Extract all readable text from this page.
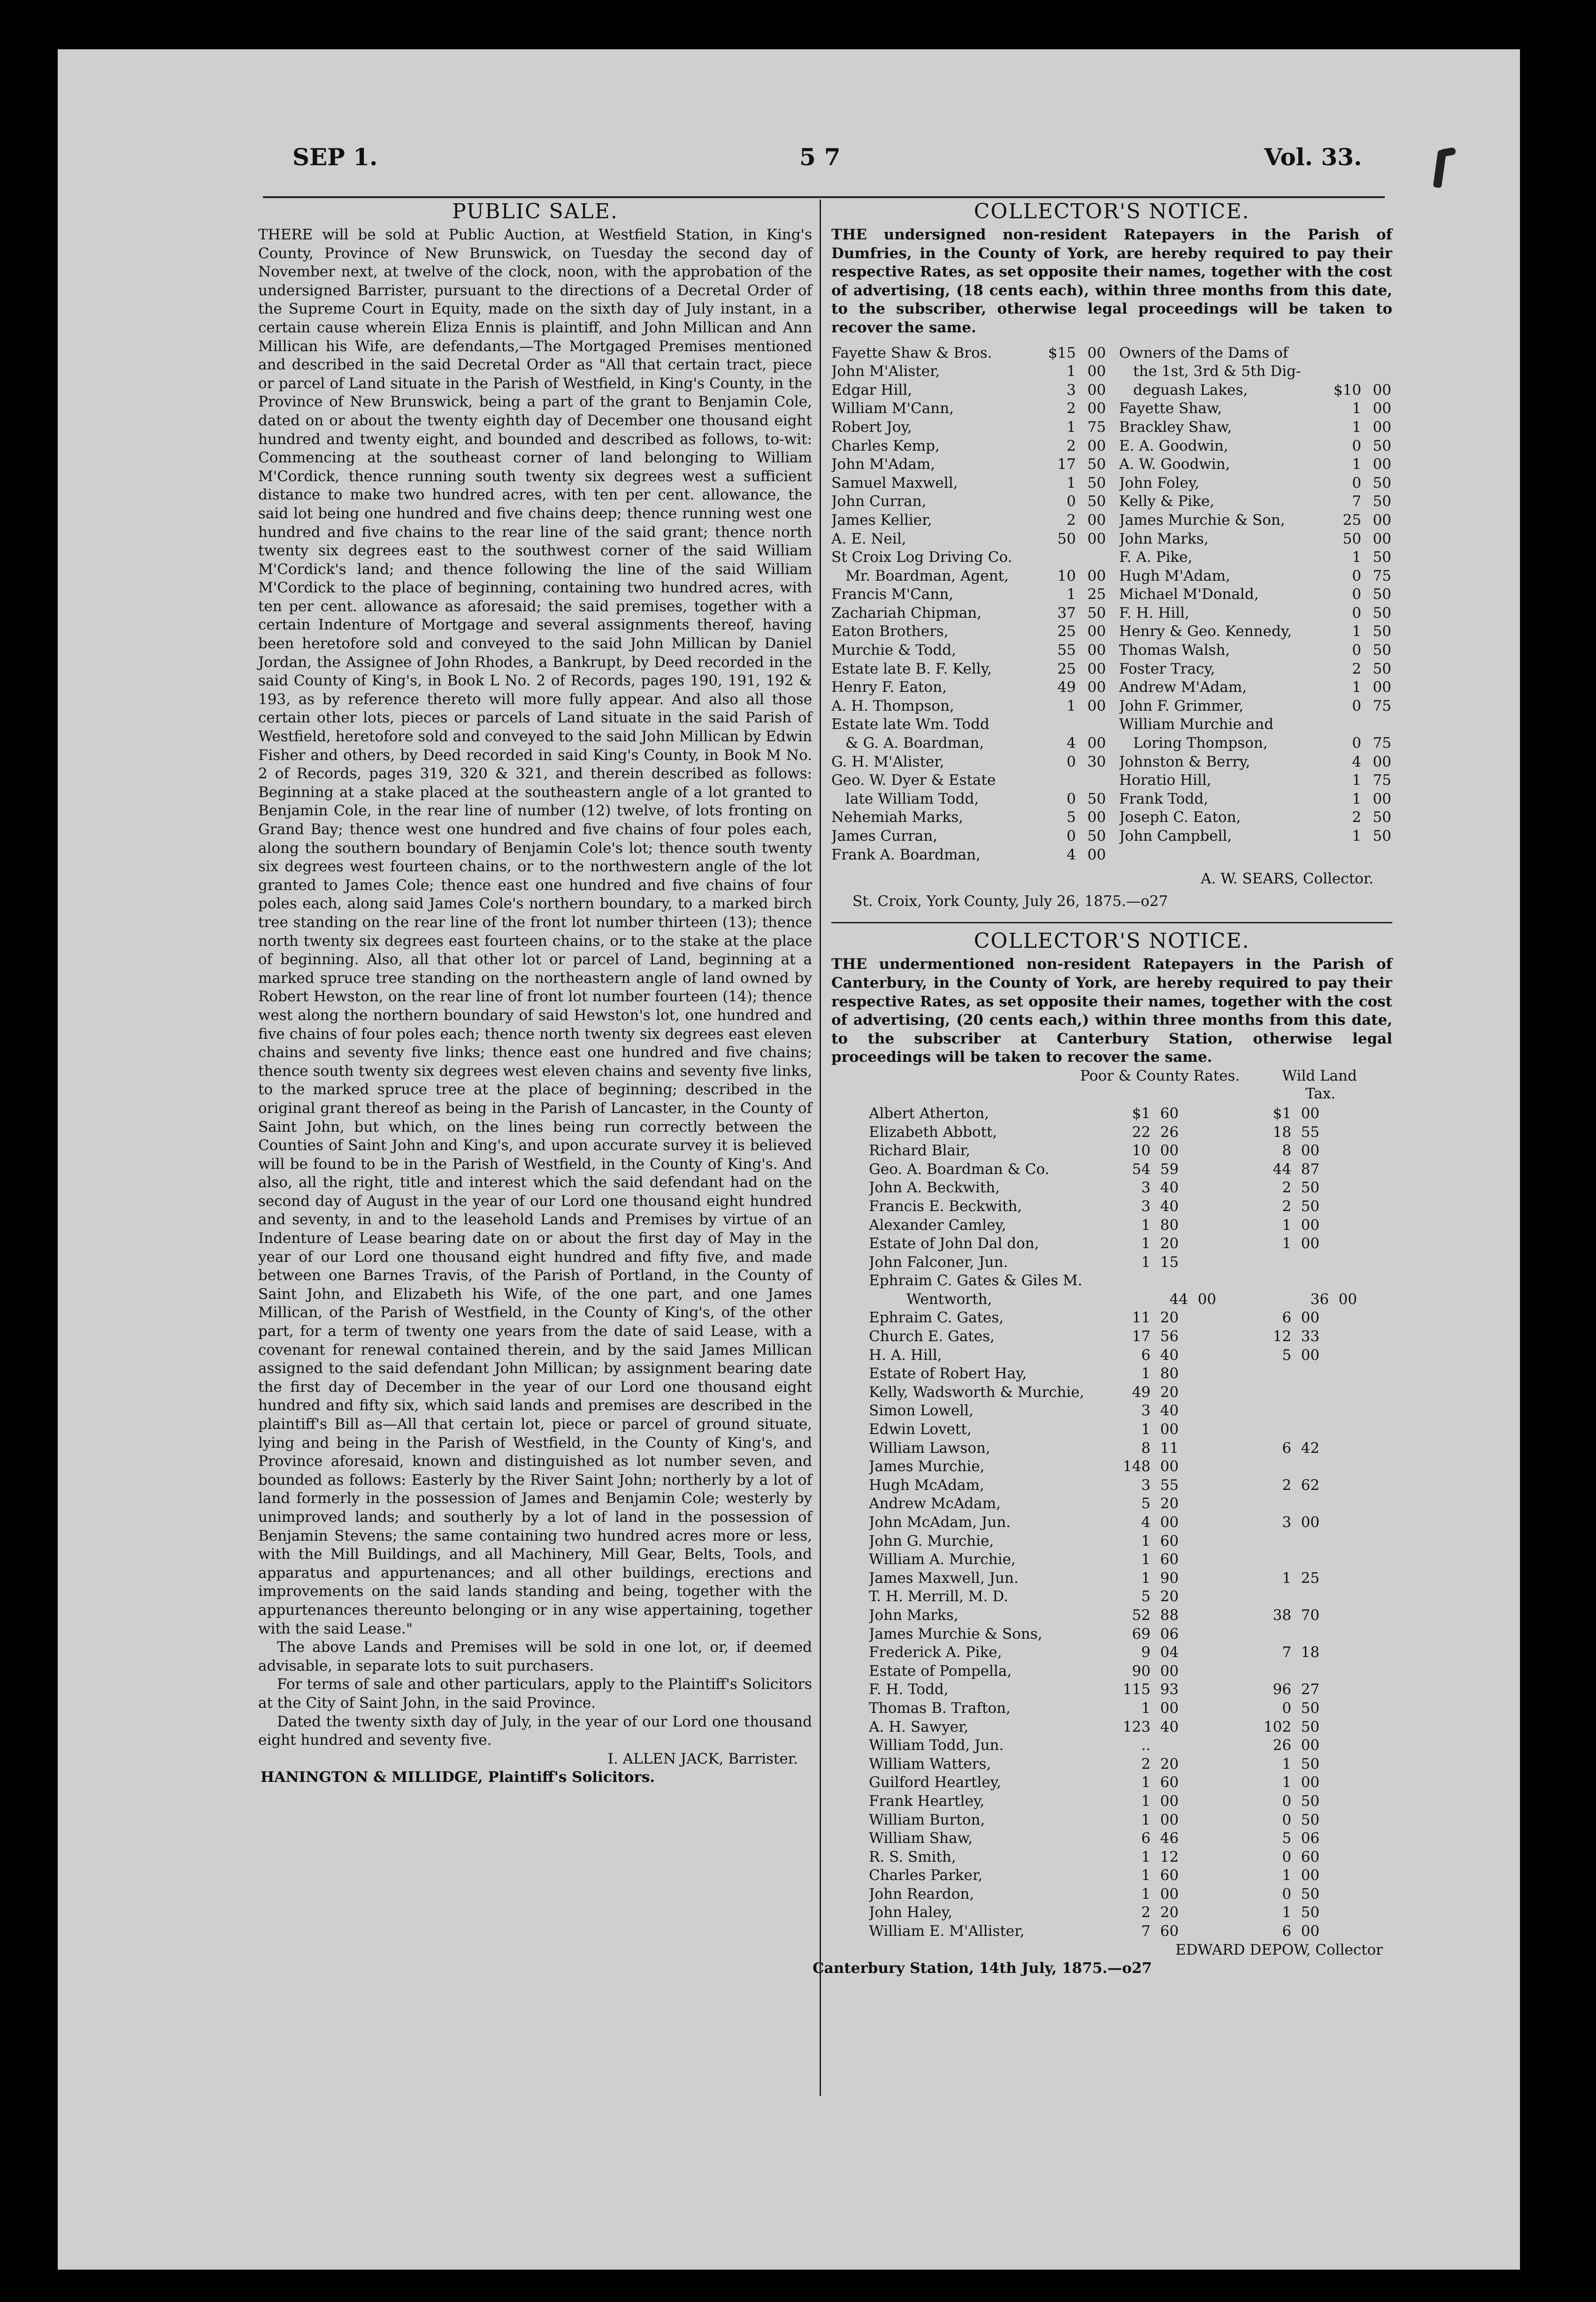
SEP 1.	5 7	Vol. 33.
PUBLIC SALE.

THERE will be sold at Public Auction, at Westfield Station, in King's County, Province of New Brunswick, on Tuesday the second day of November next, at twelve of the clock, noon, with the approbation of the undersigned Barrister, pursuant to the directions of a Decretal Order of the Supreme Court in Equity, made on the sixth day of July instant, in a certain cause wherein Eliza Ennis is plaintiff, and John Millican and Ann Millican his Wife, are defendants,—The Mortgaged Premises mentioned and described in the said Decretal Order as "All that certain tract, piece or parcel of Land situate in the Parish of Westfield, in King's County, in the Province of New Brunswick, being a part of the grant to Benjamin Cole, dated on or about the twenty eighth day of December one thousand eight hundred and twenty eight, and bounded and described as follows, to-wit: Commencing at the southeast corner of land belonging to William M'Cordick, thence running south twenty six degrees west a sufficient distance to make two hundred acres, with ten per cent. allowance, the said lot being one hundred and five chains deep; thence running west one hundred and five chains to the rear line of the said grant; thence north twenty six degrees east to the southwest corner of the said William M'Cordick's land; and thence following the line of the said William M'Cordick to the place of beginning, containing two hundred acres, with ten per cent. allowance as aforesaid; the said premises, together with a certain Indenture of Mortgage and several assignments thereof, having been heretofore sold and conveyed to the said John Millican by Daniel Jordan, the Assignee of John Rhodes, a Bankrupt, by Deed recorded in the said County of King's, in Book L No. 2 of Records, pages 190, 191, 192 & 193, as by reference thereto will more fully appear. And also all those certain other lots, pieces or parcels of Land situate in the said Parish of Westfield, heretofore sold and conveyed to the said John Millican by Edwin Fisher and others, by Deed recorded in said King's County, in Book M No. 2 of Records, pages 319, 320 & 321, and therein described as follows: Beginning at a stake placed at the southeastern angle of a lot granted to Benjamin Cole, in the rear line of number (12) twelve, of lots fronting on Grand Bay; thence west one hundred and five chains of four poles each, along the southern boundary of Benjamin Cole's lot; thence south twenty six degrees west fourteen chains, or to the northwestern angle of the lot granted to James Cole; thence east one hundred and five chains of four poles each, along said James Cole's northern boundary, to a marked birch tree standing on the rear line of the front lot number thirteen (13); thence north twenty six degrees east fourteen chains, or to the stake at the place of beginning. Also, all that other lot or parcel of Land, beginning at a marked spruce tree standing on the northeastern angle of land owned by Robert Hewston, on the rear line of front lot number fourteen (14); thence west along the northern boundary of said Hewston's lot, one hundred and five chains of four poles each; thence north twenty six degrees east eleven chains and seventy five links; thence east one hundred and five chains; thence south twenty six degrees west eleven chains and seventy five links, to the marked spruce tree at the place of beginning; described in the original grant thereof as being in the Parish of Lancaster, in the County of Saint John, but which, on the lines being run correctly between the Counties of Saint John and King's, and upon accurate survey it is believed will be found to be in the Parish of Westfield, in the County of King's. And also, all the right, title and interest which the said defendant had on the second day of August in the year of our Lord one thousand eight hundred and seventy, in and to the leasehold Lands and Premises by virtue of an Indenture of Lease bearing date on or about the first day of May in the year of our Lord one thousand eight hundred and fifty five, and made between one Barnes Travis, of the Parish of Portland, in the County of Saint John, and Elizabeth his Wife, of the one part, and one James Millican, of the Parish of Westfield, in the County of King's, of the other part, for a term of twenty one years from the date of said Lease, with a covenant for renewal contained therein, and by the said James Millican assigned to the said defendant John Millican; by assignment bearing date the first day of December in the year of our Lord one thousand eight hundred and fifty six, which said lands and premises are described in the plaintiff's Bill as—All that certain lot, piece or parcel of ground situate, lying and being in the Parish of Westfield, in the County of King's, and Province aforesaid, known and distinguished as lot number seven, and bounded as follows: Easterly by the River Saint John; northerly by a lot of land formerly in the possession of James and Benjamin Cole; westerly by unimproved lands; and southerly by a lot of land in the possession of Benjamin Stevens; the same containing two hundred acres more or less, with the Mill Buildings, and all Machinery, Mill Gear, Belts, Tools, and apparatus and appurtenances; and all other buildings, erections and improvements on the said lands standing and being, together with the appurtenances thereunto belonging or in any wise appertaining, together with the said Lease."

The above Lands and Premises will be sold in one lot, or, if deemed advisable, in separate lots to suit purchasers.

For terms of sale and other particulars, apply to the Plaintiff's Solicitors at the City of Saint John, in the said Province.

Dated the twenty sixth day of July, in the year of our Lord one thousand eight hundred and seventy five.

I. ALLEN JACK, Barrister.

HANINGTON & MILLIDGE, Plaintiff's Solicitors.

COLLECTOR'S NOTICE.

THE undersigned non-resident Ratepayers in the Parish of Dumfries, in the County of York, are hereby required to pay their respective Rates, as set opposite their names, together with the cost of advertising, (18 cents each), within three months from this date, to the subscriber, otherwise legal proceedings will be taken to recover the same.

Fayette Shaw & Bros.	$15 00
John M'Alister,	1 00
Edgar Hill,	3 00
William M'Cann,	2 00
Robert Joy,	1 75
Charles Kemp,	2 00
John M'Adam,	17 50
Samuel Maxwell,	1 50
John Curran,	0 50
James Kellier,	2 00
A. E. Neil,	50 00
St Croix Log Driving Co.
Mr. Boardman, Agent,	10 00
Francis M'Cann,	1 25
Zachariah Chipman,	37 50
Eaton Brothers,	25 00
Murchie & Todd,	55 00
Estate late B. F. Kelly,	25 00
Henry F. Eaton,	49 00
A. H. Thompson,	1 00
Estate late Wm. Todd
& G. A. Boardman,	4 00
G. H. M'Alister,	0 30
Geo. W. Dyer & Estate
late William Todd,	0 50
Nehemiah Marks,	5 00
James Curran,	0 50
Frank A. Boardman,	4 00
Owners of the Dams of
the 1st, 3rd & 5th Dig-
deguash Lakes,	$10 00
Fayette Shaw,	1 00
Brackley Shaw,	1 00
E. A. Goodwin,	0 50
A. W. Goodwin,	1 00
John Foley,	0 50
Kelly & Pike,	7 50
James Murchie & Son,	25 00
John Marks,	50 00
F. A. Pike,	1 50
Hugh M'Adam,	0 75
Michael M'Donald,	0 50
F. H. Hill,	0 50
Henry & Geo. Kennedy,	1 50
Thomas Walsh,	0 50
Foster Tracy,	2 50
Andrew M'Adam,	1 00
John F. Grimmer,	0 75
William Murchie and
Loring Thompson,	0 75
Johnston & Berry,	4 00
Horatio Hill,	1 75
Frank Todd,	1 00
Joseph C. Eaton,	2 50
John Campbell,	1 50

A. W. SEARS, Collector.

St. Croix, York County, July 26, 1875.—o27

COLLECTOR'S NOTICE.

THE undermentioned non-resident Ratepayers in the Parish of Canterbury, in the County of York, are hereby required to pay their respective Rates, as set opposite their names, together with the cost of advertising, (20 cents each,) within three months from this date, to the subscriber at Canterbury Station, otherwise legal proceedings will be taken to recover the same.

Poor & County Rates.	Wild Land
Tax.
Albert Atherton,	$1 60	$1 00
Elizabeth Abbott,	22 26	18 55
Richard Blair,	10 00	8 00
Geo. A. Boardman & Co.	54 59	44 87
John A. Beckwith,	3 40	2 50
Francis E. Beckwith,	3 40	2 50
Alexander Camley,	1 80	1 00
Estate of John Dal don,	1 20	1 00
John Falconer, Jun.	1 15
Ephraim C. Gates & Giles M.
Wentworth,	44 00	36 00
Ephraim C. Gates,	11 20	6 00
Church E. Gates,	17 56	12 33
H. A. Hill,	6 40	5 00
Estate of Robert Hay,	1 80
Kelly, Wadsworth & Murchie,	49 20
Simon Lowell,	3 40
Edwin Lovett,	1 00
William Lawson,	8 11	6 42
James Murchie,	148 00
Hugh McAdam,	3 55	2 62
Andrew McAdam,	5 20
John McAdam, Jun.	4 00	3 00
John G. Murchie,	1 60
William A. Murchie,	1 60
James Maxwell, Jun.	1 90	1 25
T. H. Merrill, M. D.	5 20
John Marks,	52 88	38 70
James Murchie & Sons,	69 06
Frederick A. Pike,	9 04	7 18
Estate of Pompella,	90 00
F. H. Todd,	115 93	96 27
Thomas B. Trafton,	1 00	0 50
A. H. Sawyer,	123 40	102 50
William Todd, Jun.	..	26 00
William Watters,	2 20	1 50
Guilford Heartley,	1 60	1 00
Frank Heartley,	1 00	0 50
William Burton,	1 00	0 50
William Shaw,	6 46	5 06
R. S. Smith,	1 12	0 60
Charles Parker,	1 60	1 00
John Reardon,	1 00	0 50
John Haley,	2 20	1 50
William E. M'Allister,	7 60	6 00

EDWARD DEPOW, Collector

Canterbury Station, 14th July, 1875.—o27
